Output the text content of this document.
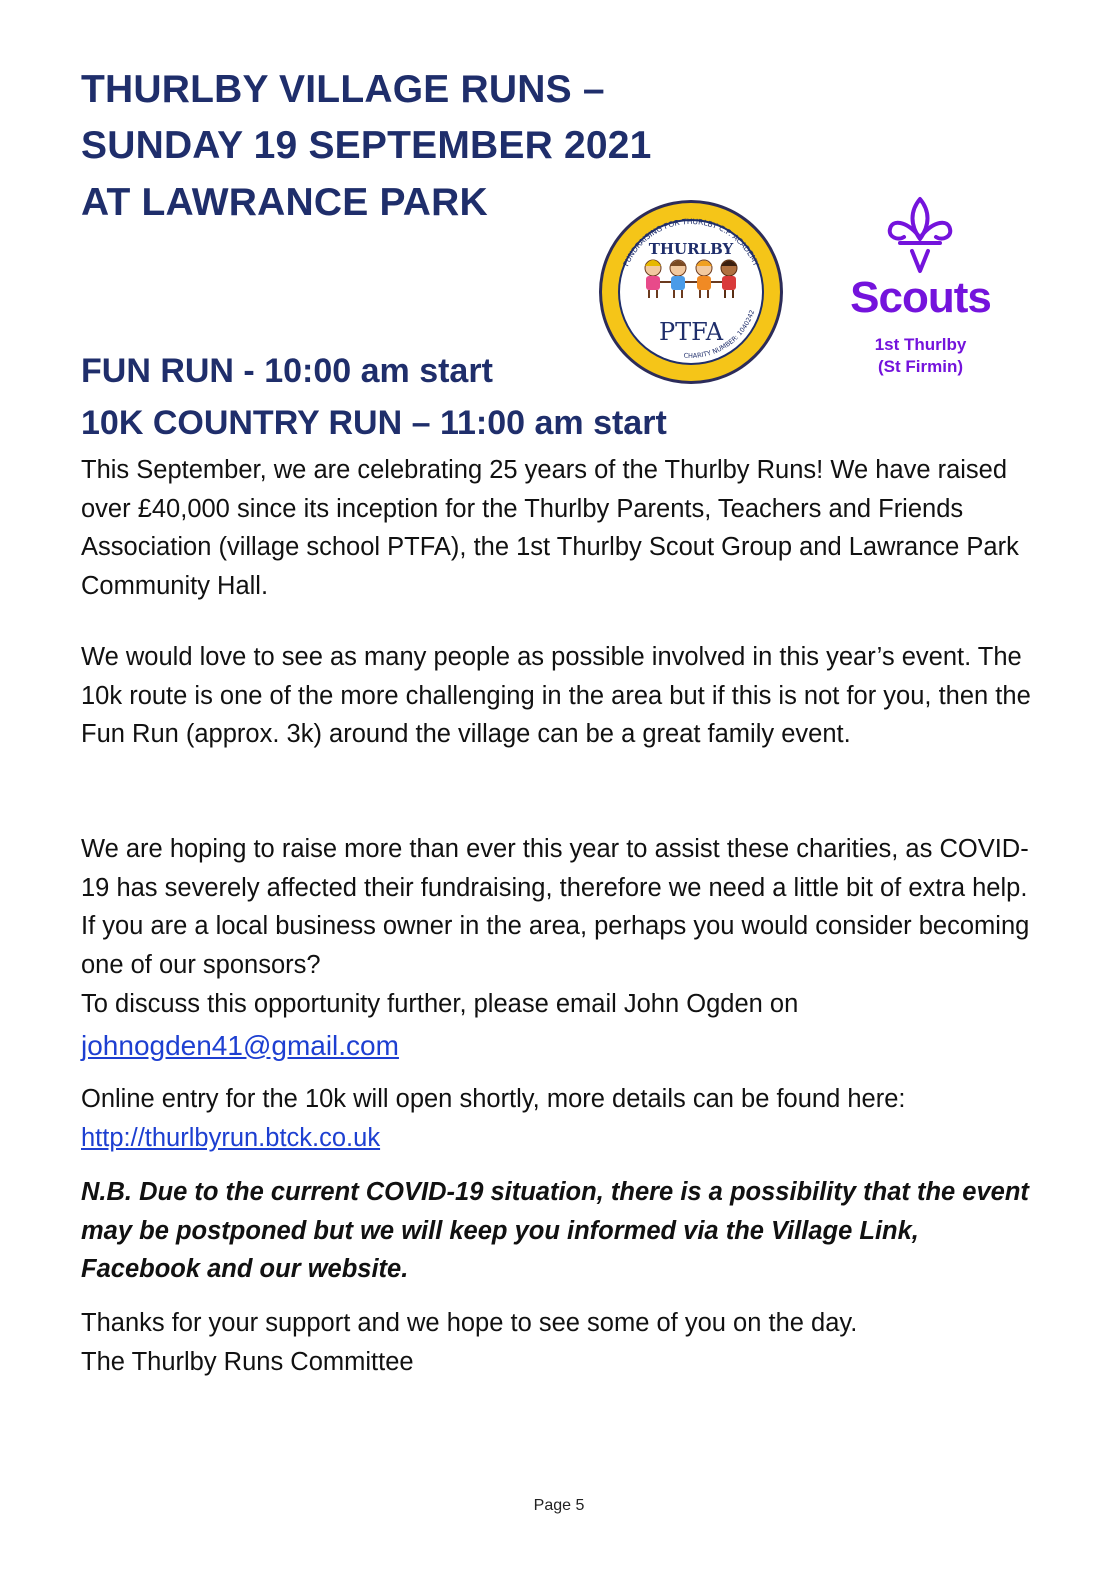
THURLBY VILLAGE RUNS –
SUNDAY 19 SEPTEMBER 2021
AT LAWRANCE PARK
FUNDRAISING FOR THURLBY C.P. ACADEMY
CHARITY NUMBER: 1040242
THURLBY
PTFA
Scouts
1st Thurlby
(St Firmin)
FUN RUN - 10:00 am start
10K COUNTRY RUN – 11:00 am start

This September, we are celebrating 25 years of the Thurlby Runs! We have raised over £40,000 since its inception for the Thurlby Parents, Teachers and Friends Association (village school PTFA), the 1st Thurlby Scout Group and Lawrance Park Community Hall.

We would love to see as many people as possible involved in this year’s event. The 10k route is one of the more challenging in the area but if this is not for you, then the Fun Run (approx. 3k) around the village can be a great family event.

We are hoping to raise more than ever this year to assist these charities, as COVID-19 has severely affected their fundraising, therefore we need a little bit of extra help. If you are a local business owner in the area, perhaps you would consider becoming one of our sponsors?

To discuss this opportunity further, please email John Ogden on
johnogden41@gmail.com

Online entry for the 10k will open shortly, more details can be found here: http://thurlbyrun.btck.co.uk

N.B. Due to the current COVID-19 situation, there is a possibility that the event may be postponed but we will keep you informed via the Village Link, Facebook and our website.

Thanks for your support and we hope to see some of you on the day.
The Thurlby Runs Committee

Page 5
